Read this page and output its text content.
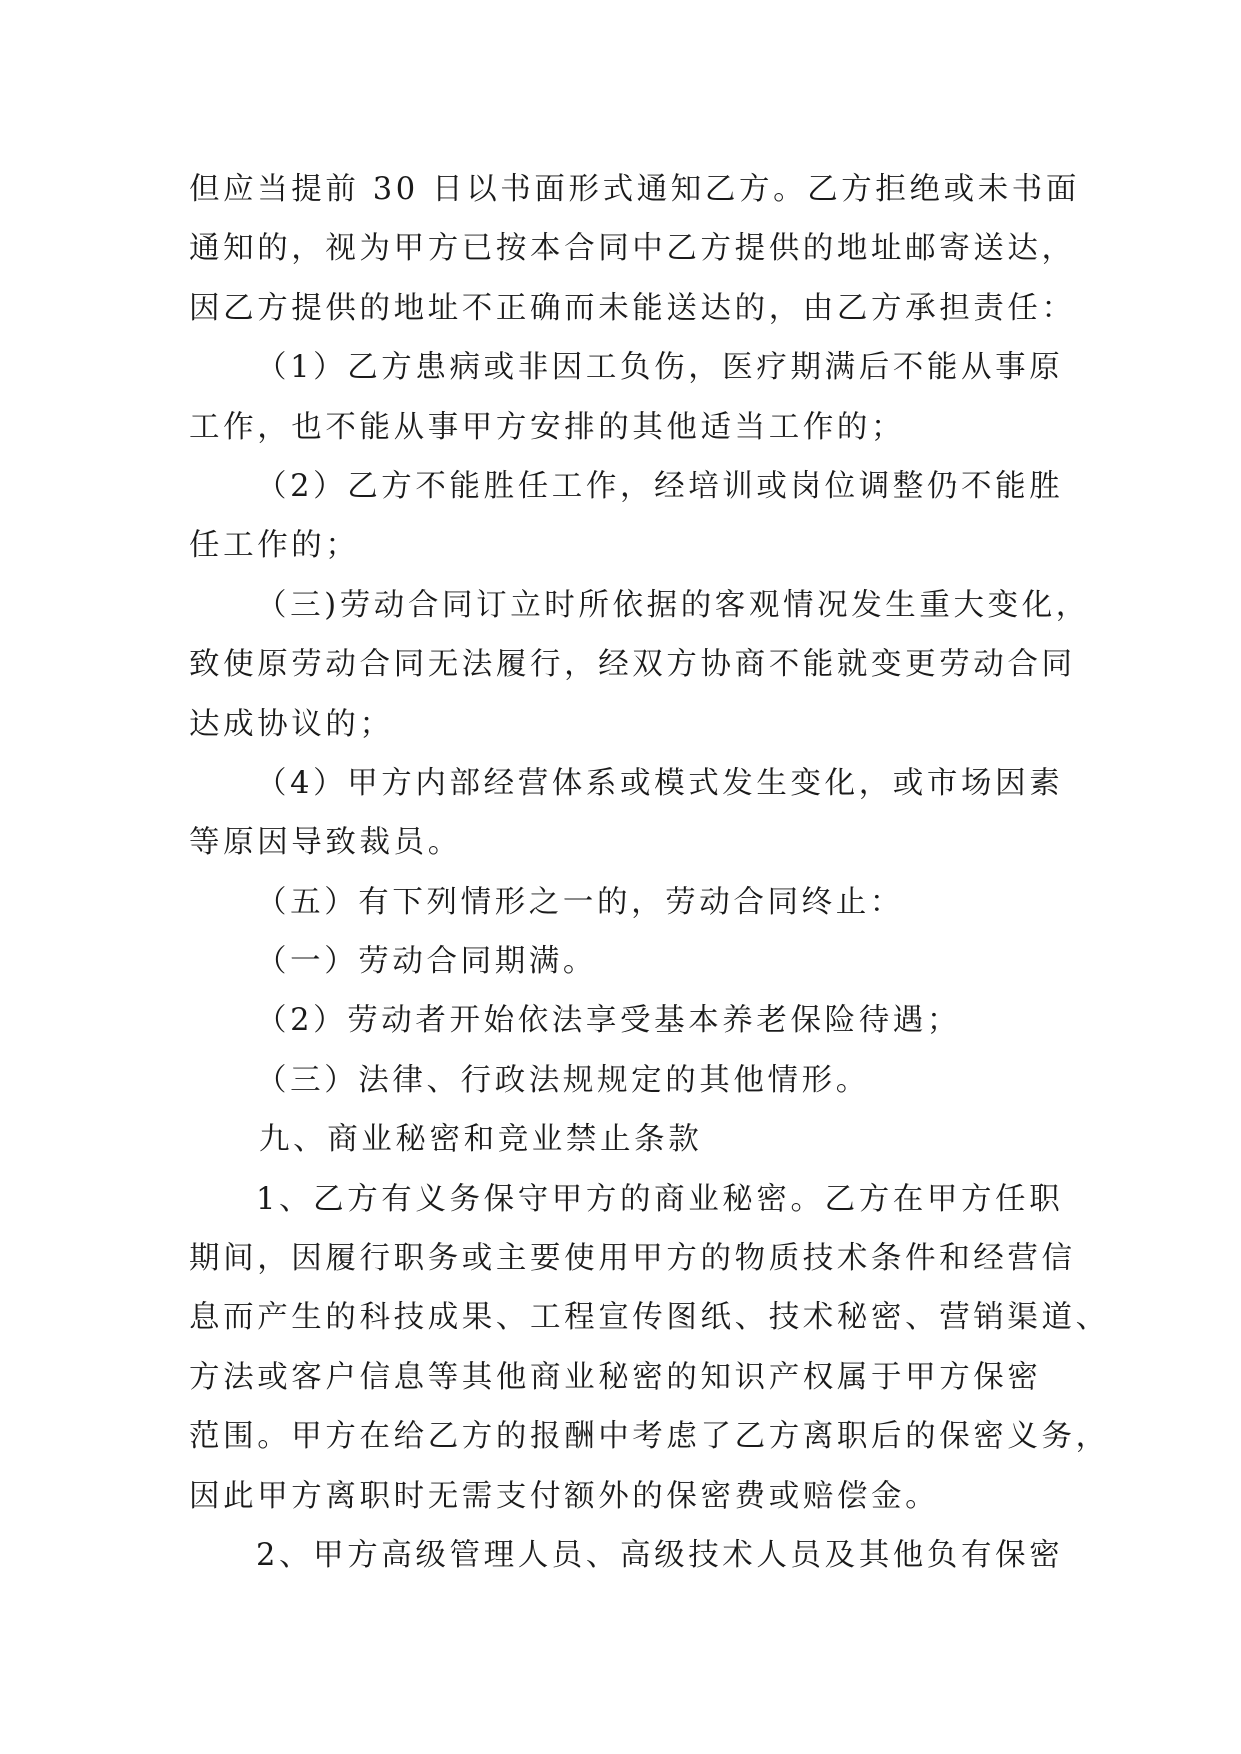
但应当提前 30 日以书面形式通知乙方。乙方拒绝或未书面
通知的，视为甲方已按本合同中乙方提供的地址邮寄送达，
因乙方提供的地址不正确而未能送达的，由乙方承担责任：
（1）乙方患病或非因工负伤，医疗期满后不能从事原
工作，也不能从事甲方安排的其他适当工作的；
（2）乙方不能胜任工作，经培训或岗位调整仍不能胜
任工作的；
（三)劳动合同订立时所依据的客观情况发生重大变化，
致使原劳动合同无法履行，经双方协商不能就变更劳动合同
达成协议的；
（4）甲方内部经营体系或模式发生变化，或市场因素
等原因导致裁员。
（五）有下列情形之一的，劳动合同终止：
（一）劳动合同期满。
（2）劳动者开始依法享受基本养老保险待遇；
（三）法律、行政法规规定的其他情形。
九、商业秘密和竞业禁止条款
1、乙方有义务保守甲方的商业秘密。乙方在甲方任职
期间，因履行职务或主要使用甲方的物质技术条件和经营信
息而产生的科技成果、工程宣传图纸、技术秘密、营销渠道、
方法或客户信息等其他商业秘密的知识产权属于甲方保密
范围。甲方在给乙方的报酬中考虑了乙方离职后的保密义务，
因此甲方离职时无需支付额外的保密费或赔偿金。
2、甲方高级管理人员、高级技术人员及其他负有保密
